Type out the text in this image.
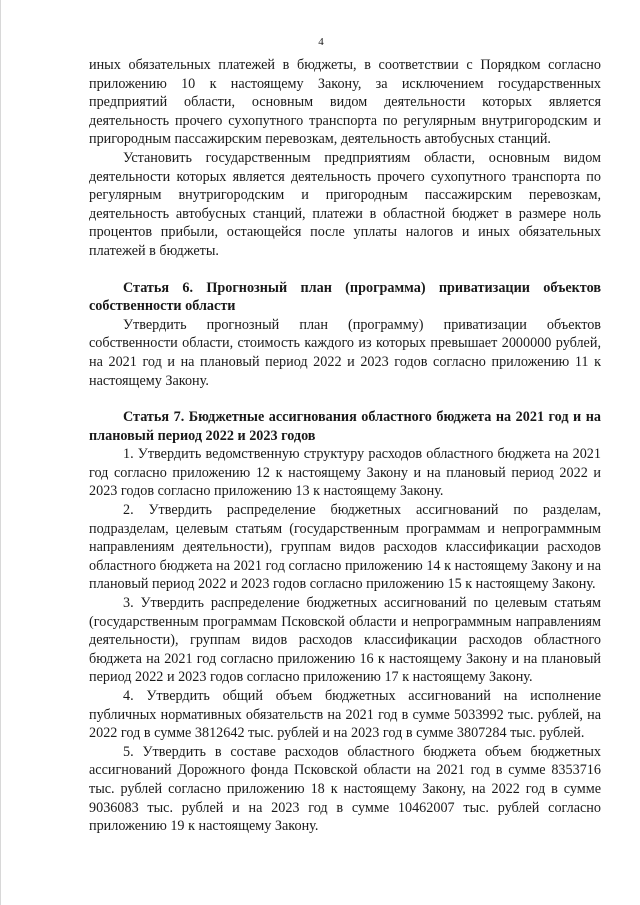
4

иных обязательных платежей в бюджеты, в соответствии с Порядком согласно приложению 10 к настоящему Закону, за исключением государственных предприятий области, основным видом деятельности которых является деятельность прочего сухопутного транспорта по регулярным внутригородским и пригородным пассажирским перевозкам, деятельность автобусных станций.

Установить государственным предприятиям области, основным видом деятельности которых является деятельность прочего сухопутного транспорта по регулярным внутригородским и пригородным пассажирским перевозкам, деятельность автобусных станций, платежи в областной бюджет в размере ноль процентов прибыли, остающейся после уплаты налогов и иных обязательных платежей в бюджеты.

Статья 6. Прогнозный план (программа) приватизации объектов собственности области

Утвердить прогнозный план (программу) приватизации объектов собственности области, стоимость каждого из которых превышает 2000000 рублей, на 2021 год и на плановый период 2022 и 2023 годов согласно приложению 11 к настоящему Закону.

Статья 7. Бюджетные ассигнования областного бюджета на 2021 год и на плановый период 2022 и 2023 годов

1. Утвердить ведомственную структуру расходов областного бюджета на 2021 год согласно приложению 12 к настоящему Закону и на плановый период 2022 и 2023 годов согласно приложению 13 к настоящему Закону.

2. Утвердить распределение бюджетных ассигнований по разделам, подразделам, целевым статьям (государственным программам и непрограммным направлениям деятельности), группам видов расходов классификации расходов областного бюджета на 2021 год согласно приложению 14 к настоящему Закону и на плановый период 2022 и 2023 годов согласно приложению 15 к настоящему Закону.

3. Утвердить распределение бюджетных ассигнований по целевым статьям (государственным программам Псковской области и непрограммным направлениям деятельности), группам видов расходов классификации расходов областного бюджета на 2021 год согласно приложению 16 к настоящему Закону и на плановый период 2022 и 2023 годов согласно приложению 17 к настоящему Закону.

4. Утвердить общий объем бюджетных ассигнований на исполнение публичных нормативных обязательств на 2021 год в сумме 5033992 тыс. рублей, на 2022 год в сумме 3812642 тыс. рублей и на 2023 год в сумме 3807284 тыс. рублей.

5. Утвердить в составе расходов областного бюджета объем бюджетных ассигнований Дорожного фонда Псковской области на 2021 год в сумме 8353716 тыс. рублей согласно приложению 18 к настоящему Закону, на 2022 год в сумме 9036083 тыс. рублей и на 2023 год в сумме 10462007 тыс. рублей согласно приложению 19 к настоящему Закону.
